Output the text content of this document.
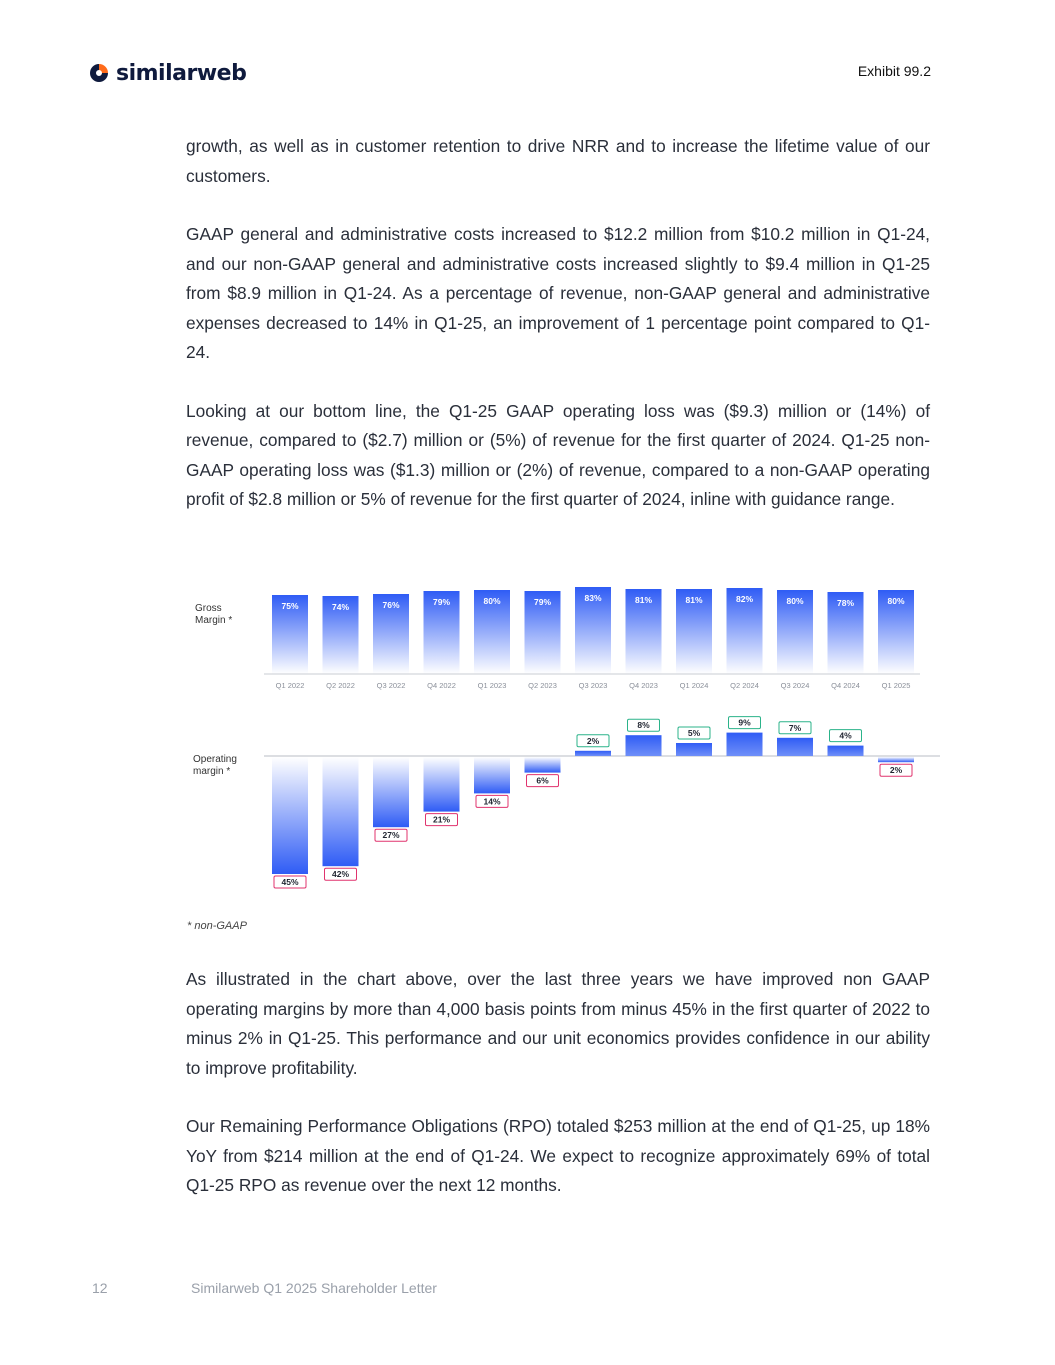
similarweb	Exhibit 99.2

growth, as well as in customer retention to drive NRR and to increase the lifetime value of our customers.

GAAP general and administrative costs increased to $12.2 million from $10.2 million in Q1-24, and our non-GAAP general and administrative costs increased slightly to $9.4 million in Q1-25 from $8.9 million in Q1-24. As a percentage of revenue, non-GAAP general and administrative expenses decreased to 14% in Q1-25, an improvement of 1 percentage point compared to Q1-24.

Looking at our bottom line, the Q1-25 GAAP operating loss was ($9.3) million or (14%) of revenue, compared to ($2.7) million or (5%) of revenue for the first quarter of 2024. Q1-25 non-GAAP operating loss was ($1.3) million or (2%) of revenue, compared to a non-GAAP operating profit of $2.8 million or 5% of revenue for the first quarter of 2024, inline with guidance range.

Gross
Margin *
Operating
margin *
75%	74%	76%	79%	80%	79%	83%	81%	81%	82%	80%	78%	80%
Q1 2022	Q2 2022	Q3 2022	Q4 2022	Q1 2023	Q2 2023	Q3 2023	Q4 2023	Q1 2024	Q2 2024	Q3 2024	Q4 2024	Q1 2025
45%
42%
27%
21%
14%
6%
2%
8%
5%
9%
7%
4%
2%
* non-GAAP

As illustrated in the chart above, over the last three years we have improved non GAAP operating margins by more than 4,000 basis points from minus 45% in the first quarter of 2022 to minus 2% in Q1-25. This performance and our unit economics provides confidence in our ability to improve profitability.

Our Remaining Performance Obligations (RPO) totaled $253 million at the end of Q1-25, up 18% YoY from $214 million at the end of Q1-24. We expect to recognize approximately 69% of total Q1-25 RPO as revenue over the next 12 months.

12	Similarweb Q1 2025 Shareholder Letter
